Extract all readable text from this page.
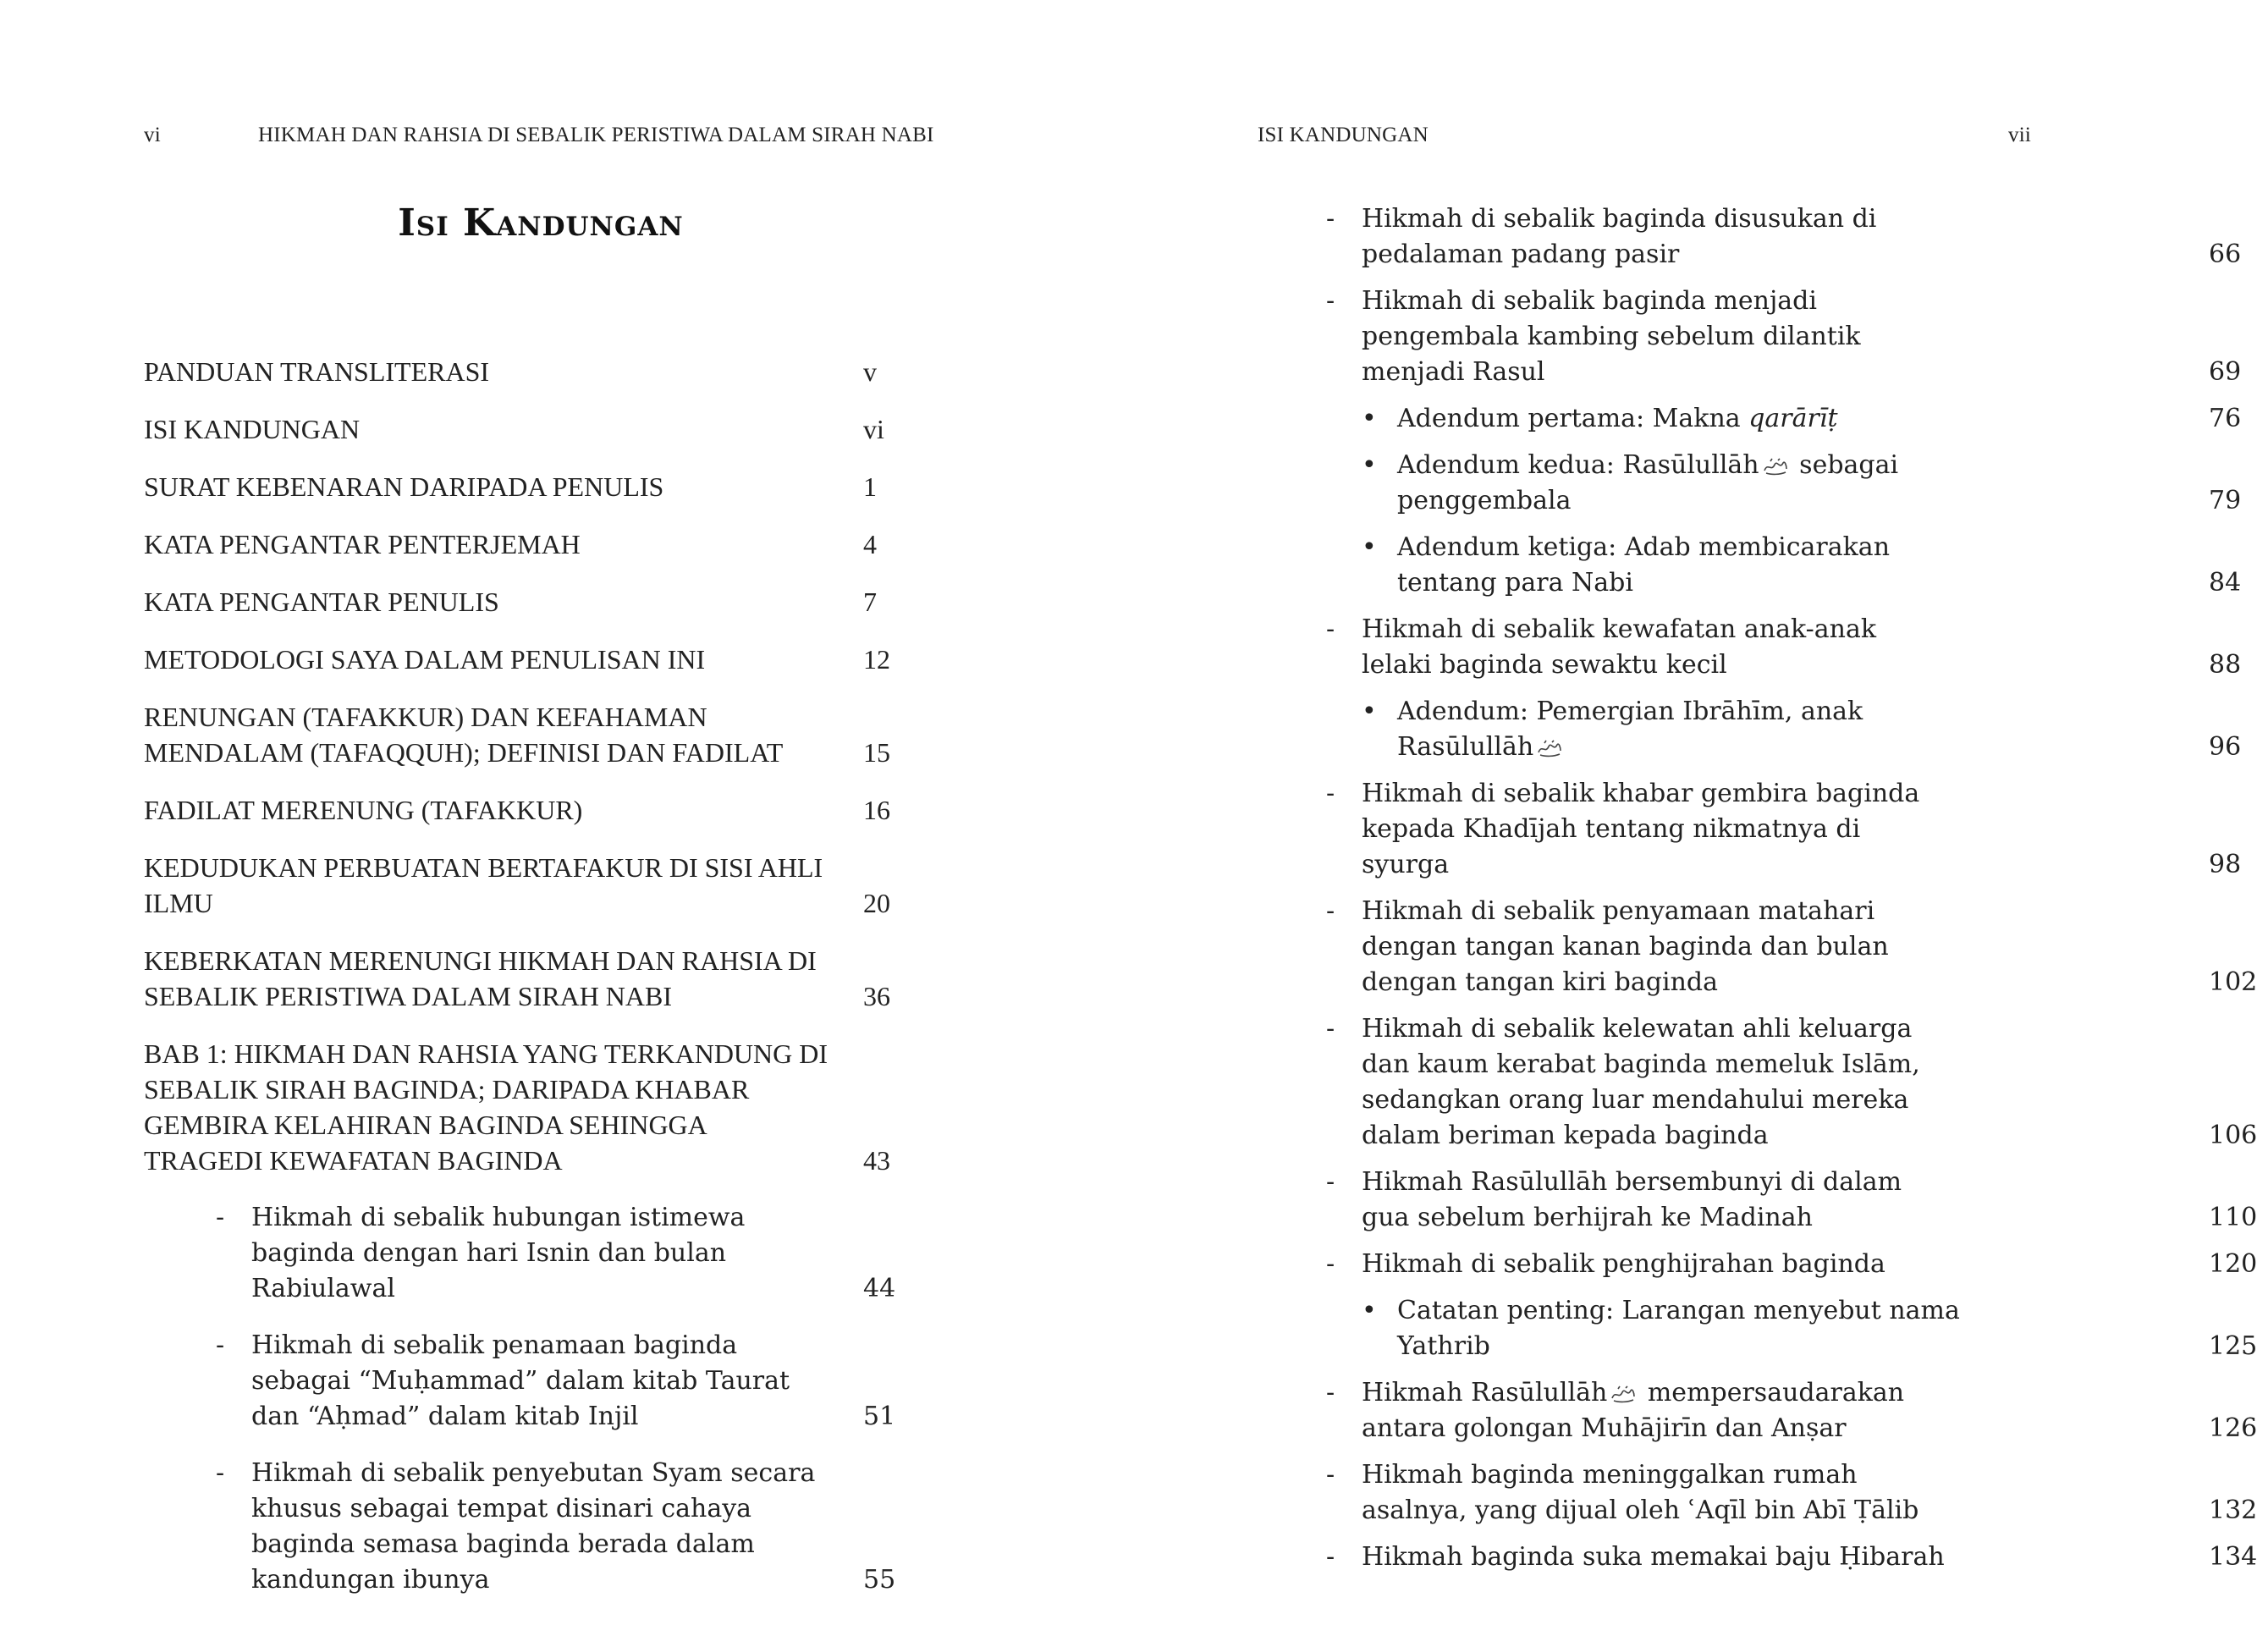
vi	HIKMAH DAN RAHSIA DI SEBALIK PERISTIWA DALAM SIRAH NABI
Isi Kandungan
PANDUAN TRANSLITERASI	v
ISI KANDUNGAN	vi
SURAT KEBENARAN DARIPADA PENULIS	1
KATA PENGANTAR PENTERJEMAH	4
KATA PENGANTAR PENULIS	7
METODOLOGI SAYA DALAM PENULISAN INI	12
RENUNGAN (TAFAKKUR) DAN KEFAHAMAN MENDALAM (TAFAQQUH); DEFINISI DAN FADILAT	15
FADILAT MERENUNG (TAFAKKUR)	16
KEDUDUKAN PERBUATAN BERTAFAKUR DI SISI AHLI ILMU	20
KEBERKATAN MERENUNGI HIKMAH DAN RAHSIA DI SEBALIK PERISTIWA DALAM SIRAH NABI	36
BAB 1: HIKMAH DAN RAHSIA YANG TERKANDUNG DI SEBALIK SIRAH BAGINDA; DARIPADA KHABAR GEMBIRA KELAHIRAN BAGINDA SEHINGGA TRAGEDI KEWAFATAN BAGINDA	43
-	Hikmah di sebalik hubungan istimewa baginda dengan hari Isnin dan bulan Rabiulawal	44
-	Hikmah di sebalik penamaan baginda sebagai “Muḥammad” dalam kitab Taurat dan “Aḥmad” dalam kitab Injil	51
-	Hikmah di sebalik penyebutan Syam secara khusus sebagai tempat disinari cahaya baginda semasa baginda berada dalam kandungan ibunya	55
ISI KANDUNGAN	vii
-	Hikmah di sebalik baginda disusukan di pedalaman padang pasir	66
-	Hikmah di sebalik baginda menjadi pengembala kambing sebelum dilantik menjadi Rasul	69
• Adendum pertama: Makna qarārīṭ	76
• Adendum kedua: Rasūlullāh sebagai penggembala	79
• Adendum ketiga: Adab membicarakan tentang para Nabi	84
-	Hikmah di sebalik kewafatan anak-anak lelaki baginda sewaktu kecil	88
• Adendum: Pemergian Ibrāhīm, anak Rasūlullāh	96
-	Hikmah di sebalik khabar gembira baginda kepada Khadījah tentang nikmatnya di syurga	98
-	Hikmah di sebalik penyamaan matahari dengan tangan kanan baginda dan bulan dengan tangan kiri baginda	102
-	Hikmah di sebalik kelewatan ahli keluarga dan kaum kerabat baginda memeluk Islām, sedangkan orang luar mendahului mereka dalam beriman kepada baginda	106
-	Hikmah Rasūlullāh bersembunyi di dalam gua sebelum berhijrah ke Madinah	110
-	Hikmah di sebalik penghijrahan baginda	120
• Catatan penting: Larangan menyebut nama Yathrib	125
-	Hikmah Rasūlullāh mempersaudarakan antara golongan Muhājirīn dan Anṣar	126
-	Hikmah baginda meninggalkan rumah asalnya, yang dijual oleh ʿAqīl bin Abī Ṭālib	132
-	Hikmah baginda suka memakai baju Ḥibarah	134
